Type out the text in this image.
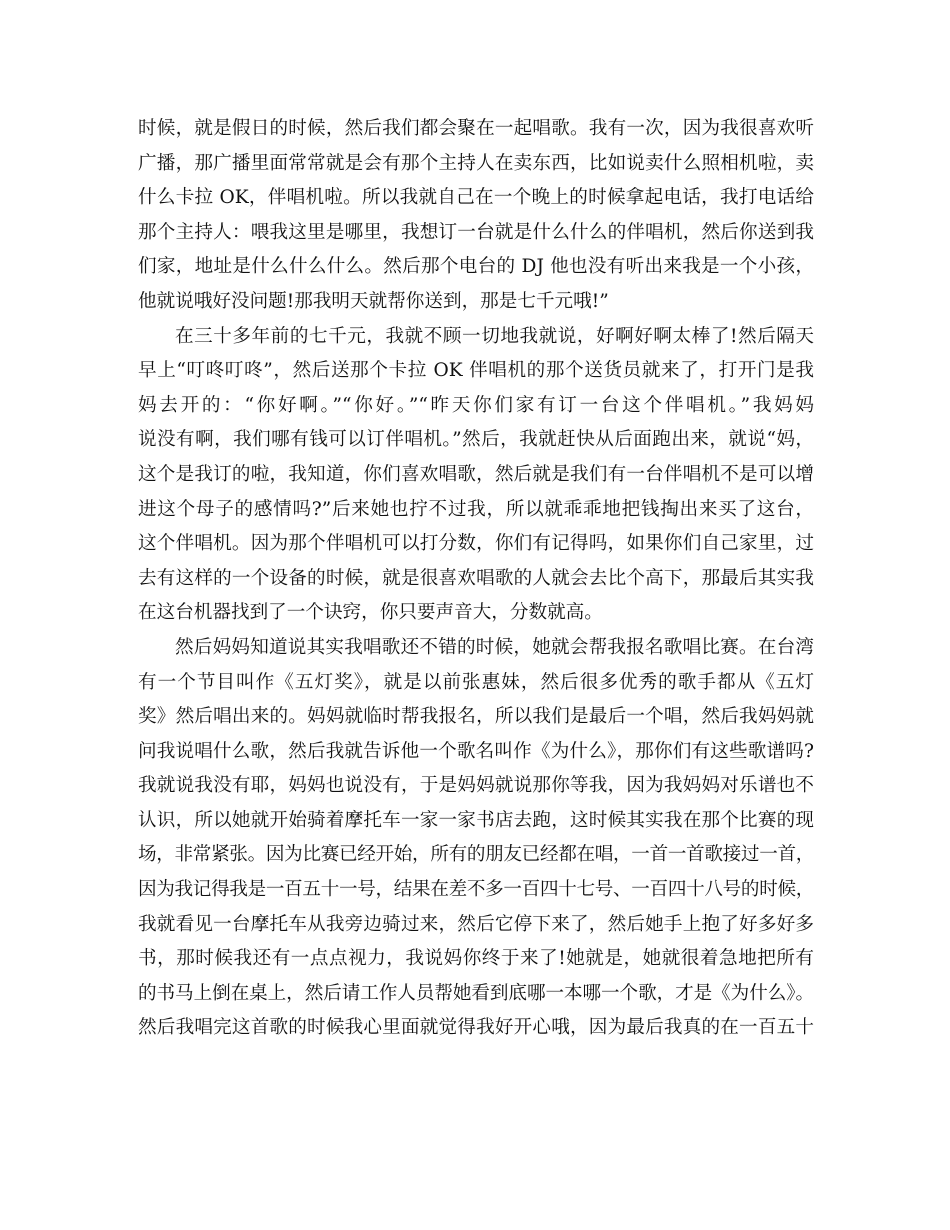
时候，就是假日的时候，然后我们都会聚在一起唱歌。我有一次，因为我很喜欢听
广播，那广播里面常常就是会有那个主持人在卖东西，比如说卖什么照相机啦，卖
什么卡拉 OK，伴唱机啦。所以我就自己在一个晚上的时候拿起电话，我打电话给
那个主持人：喂我这里是哪里，我想订一台就是什么什么的伴唱机，然后你送到我
们家，地址是什么什么什么。然后那个电台的 DJ 他也没有听出来我是一个小孩，
他就说哦好没问题!那我明天就帮你送到，那是七千元哦!”
在三十多年前的七千元，我就不顾一切地我就说，好啊好啊太棒了!然后隔天
早上“叮咚叮咚”，然后送那个卡拉 OK 伴唱机的那个送货员就来了，打开门是我
妈去开的：“你好啊。”“你好。”“昨天你们家有订一台这个伴唱机。”我妈妈
说没有啊，我们哪有钱可以订伴唱机。”然后，我就赶快从后面跑出来，就说“妈，
这个是我订的啦，我知道，你们喜欢唱歌，然后就是我们有一台伴唱机不是可以增
进这个母子的感情吗?”后来她也拧不过我，所以就乖乖地把钱掏出来买了这台，
这个伴唱机。因为那个伴唱机可以打分数，你们有记得吗，如果你们自己家里，过
去有这样的一个设备的时候，就是很喜欢唱歌的人就会去比个高下，那最后其实我
在这台机器找到了一个诀窍，你只要声音大，分数就高。
然后妈妈知道说其实我唱歌还不错的时候，她就会帮我报名歌唱比赛。在台湾
有一个节目叫作《五灯奖》，就是以前张惠妹，然后很多优秀的歌手都从《五灯
奖》然后唱出来的。妈妈就临时帮我报名，所以我们是最后一个唱，然后我妈妈就
问我说唱什么歌，然后我就告诉他一个歌名叫作《为什么》，那你们有这些歌谱吗?
我就说我没有耶，妈妈也说没有，于是妈妈就说那你等我，因为我妈妈对乐谱也不
认识，所以她就开始骑着摩托车一家一家书店去跑，这时候其实我在那个比赛的现
场，非常紧张。因为比赛已经开始，所有的朋友已经都在唱，一首一首歌接过一首，
因为我记得我是一百五十一号，结果在差不多一百四十七号、一百四十八号的时候，
我就看见一台摩托车从我旁边骑过来，然后它停下来了，然后她手上抱了好多好多
书，那时候我还有一点点视力，我说妈你终于来了!她就是，她就很着急地把所有
的书马上倒在桌上，然后请工作人员帮她看到底哪一本哪一个歌，才是《为什么》。
然后我唱完这首歌的时候我心里面就觉得我好开心哦，因为最后我真的在一百五十
